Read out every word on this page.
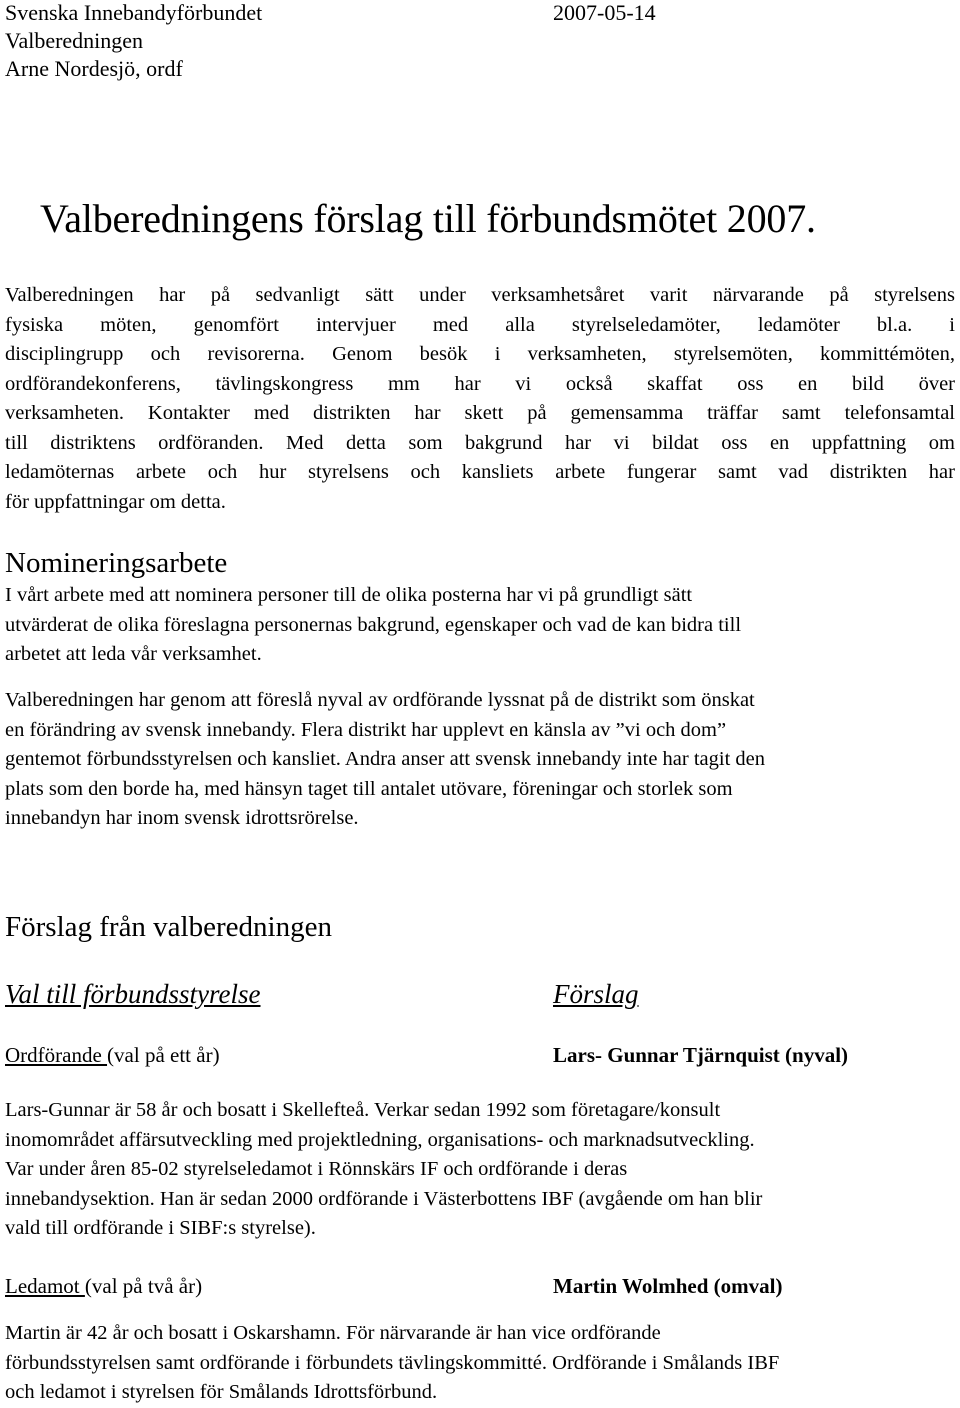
Svenska Innebandyförbundet	2007-05-14
Valberedningen
Arne Nordesjö, ordf
Valberedningens förslag till förbundsmötet 2007.
Valberedningen har på sedvanligt sätt under verksamhetsåret varit närvarande på styrelsens
fysiska möten, genomfört intervjuer med alla styrelseledamöter, ledamöter bl.a. i
disciplingrupp och revisorerna. Genom besök i verksamheten, styrelsemöten, kommittémöten,
ordförandekonferens, tävlingskongress mm har vi också skaffat oss en bild över
verksamheten. Kontakter med distrikten har skett på gemensamma träffar samt telefonsamtal
till distriktens ordföranden. Med detta som bakgrund har vi bildat oss en uppfattning om
ledamöternas arbete och hur styrelsens och kansliets arbete fungerar samt vad distrikten har
för uppfattningar om detta.
Nomineringsarbete
I vårt arbete med att nominera personer till de olika posterna har vi på grundligt sätt
utvärderat de olika föreslagna personernas bakgrund, egenskaper och vad de kan bidra till
arbetet att leda vår verksamhet.
Valberedningen har genom att föreslå nyval av ordförande lyssnat på de distrikt som önskat
en förändring av svensk innebandy. Flera distrikt har upplevt en känsla av ”vi och dom”
gentemot förbundsstyrelsen och kansliet. Andra anser att svensk innebandy inte har tagit den
plats som den borde ha, med hänsyn taget till antalet utövare, föreningar och storlek som
innebandyn har inom svensk idrottsrörelse.
Förslag från valberedningen
Val till förbundsstyrelse	Förslag
Ordförande (val på ett år)	Lars- Gunnar Tjärnquist (nyval)
Lars-Gunnar är 58 år och bosatt i Skellefteå. Verkar sedan 1992 som företagare/konsult
inomområdet affärsutveckling med projektledning, organisations- och marknadsutveckling.
Var under åren 85-02 styrelseledamot i Rönnskärs IF och ordförande i deras
innebandysektion. Han är sedan 2000 ordförande i Västerbottens IBF (avgående om han blir
vald till ordförande i SIBF:s styrelse).
Ledamot (val på två år)	Martin Wolmhed (omval)
Martin är 42 år och bosatt i Oskarshamn. För närvarande är han vice ordförande
förbundsstyrelsen samt ordförande i förbundets tävlingskommitté. Ordförande i Smålands IBF
och ledamot i styrelsen för Smålands Idrottsförbund.
